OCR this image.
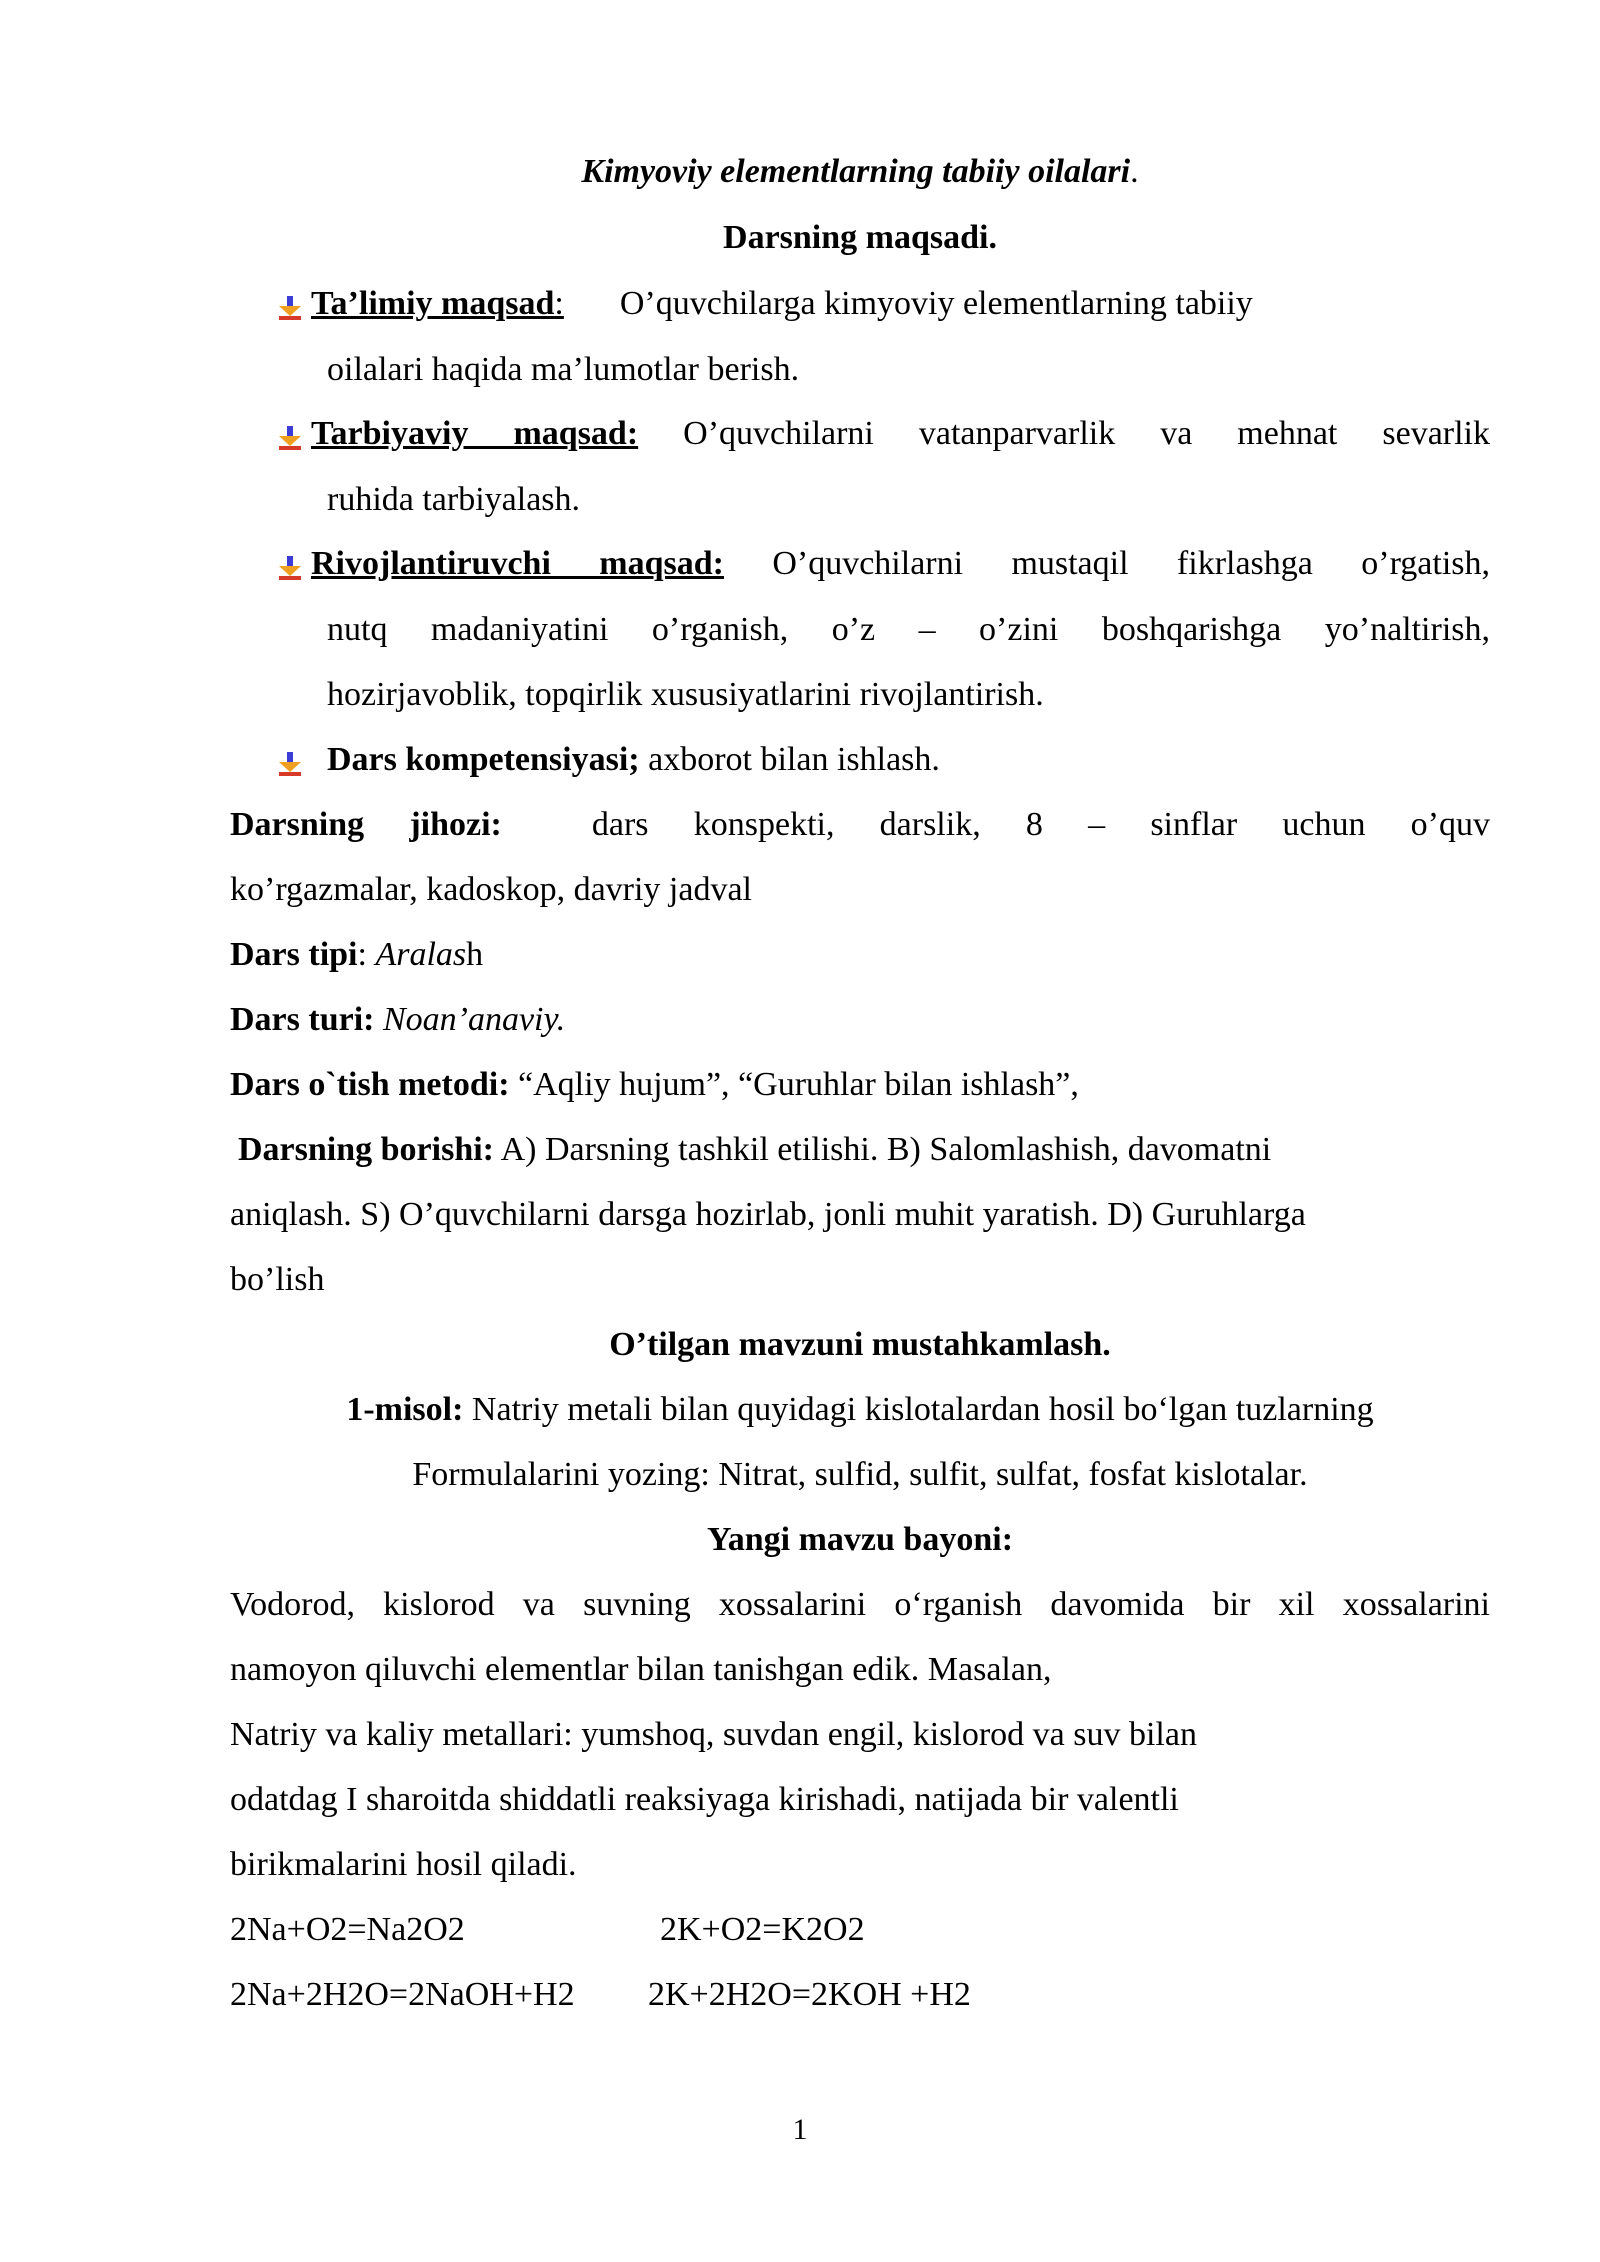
Kimyoviy elementlarning tabiiy oilalari.
Darsning maqsadi.
Ta’limiy maqsad: O’quvchilarga kimyoviy elementlarning tabiiy
oilalari haqida ma’lumotlar berish.
Tarbiyaviy maqsad: O’quvchilarni vatanparvarlik va mehnat sevarlik
ruhida tarbiyalash.
Rivojlantiruvchi maqsad: O’quvchilarni mustaqil fikrlashga o’rgatish,
nutq madaniyatini o’rganish, o’z – o’zini boshqarishga yo’naltirish,
hozirjavoblik, topqirlik xususiyatlarini rivojlantirish.
Dars kompetensiyasi; axborot bilan ishlash.
Darsning jihozi:	dars konspekti, darslik, 8 – sinflar uchun o’quv
ko’rgazmalar, kadoskop, davriy jadval
Dars tipi: Aralash
Dars turi: Noan’anaviy.
Dars o`tish metodi: “Aqliy hujum”, “Guruhlar bilan ishlash”,
Darsning borishi: A) Darsning tashkil etilishi. B) Salomlashish, davomatni
aniqlash. S) O’quvchilarni darsga hozirlab, jonli muhit yaratish. D) Guruhlarga
bo’lish
O’tilgan mavzuni mustahkamlash.
1-misol: Natriy metali bilan quyidagi kislotalardan hosil bo‘lgan tuzlarning
Formulalarini yozing: Nitrat, sulfid, sulfit, sulfat, fosfat kislotalar.
Yangi mavzu bayoni:
Vodorod, kislorod va suvning xossalarini o‘rganish davomida bir xil xossalarini
namoyon qiluvchi elementlar bilan tanishgan edik. Masalan,
Natriy va kaliy metallari: yumshoq, suvdan engil, kislorod va suv bilan
odatdag I sharoitda shiddatli reaksiyaga kirishadi, natijada bir valentli
birikmalarini hosil qiladi.
2Na+O2=Na2O2	2K+O2=K2O2
2Na+2H2O=2NaOH+H2 2K+2H2O=2KOH +H2
1
